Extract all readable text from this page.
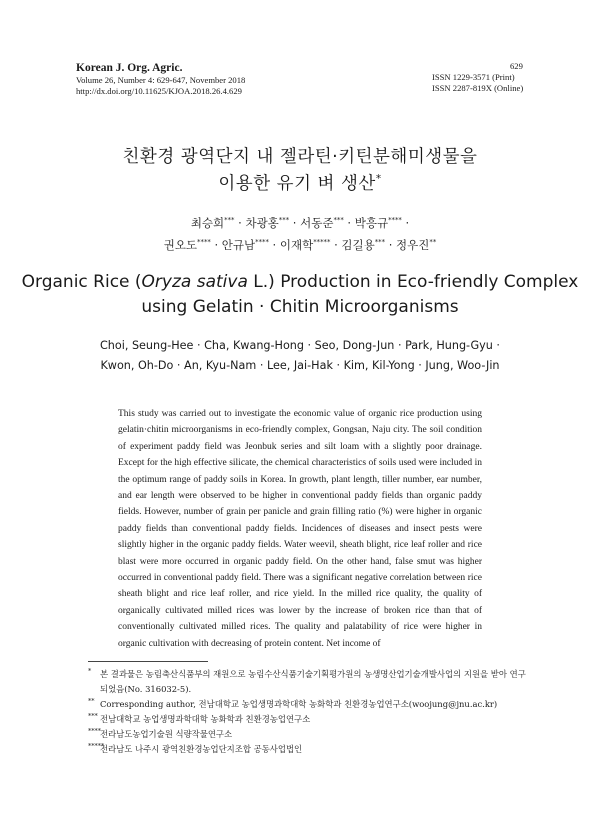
Korean J. Org. Agric.
Volume 26, Number 4: 629-647, November 2018
http://dx.doi.org/10.11625/KJOA.2018.26.4.629
629
ISSN 1229-3571 (Print)
ISSN 2287-819X (Online)
친환경 광역단지 내 젤라틴·키틴분해미생물을
이용한 유기 벼 생산*
최승희*** · 차광홍*** · 서동준*** · 박흥규**** ·
권오도**** · 안규남**** · 이재학***** · 김길용*** · 정우진**
Organic Rice (Oryza sativa L.) Production in Eco-friendly Complex
using Gelatin · Chitin Microorganisms
Choi, Seung-Hee · Cha, Kwang-Hong · Seo, Dong-Jun · Park, Hung-Gyu ·
Kwon, Oh-Do · An, Kyu-Nam · Lee, Jai-Hak · Kim, Kil-Yong · Jung, Woo-Jin
This study was carried out to investigate the economic value of organic rice production using gelatin·chitin microorganisms in eco-friendly complex, Gongsan, Naju city. The soil condition of experiment paddy field was Jeonbuk series and silt loam with a slightly poor drainage. Except for the high effective silicate, the chemical characteristics of soils used were included in the optimum range of paddy soils in Korea. In growth, plant length, tiller number, ear number, and ear length were observed to be higher in conventional paddy fields than organic paddy fields. However, number of grain per panicle and grain filling ratio (%) were higher in organic paddy fields than conventional paddy fields. Incidences of diseases and insect pests were slightly higher in the organic paddy fields. Water weevil, sheath blight, rice leaf roller and rice blast were more occurred in organic paddy field. On the other hand, false smut was higher occurred in conventional paddy field. There was a significant negative correlation between rice sheath blight and rice leaf roller, and rice yield. In the milled rice quality, the quality of organically cultivated milled rices was lower by the increase of broken rice than that of conventionally cultivated milled rices. The quality and palatability of rice were higher in organic cultivation with decreasing of protein content. Net income of
* 본 결과물은 농림축산식품부의 재원으로 농림수산식품기술기획평가원의 농생명산업기술개발사업의 지원을 받아 연구되었음(No. 316032-5).
** Corresponding author, 전남대학교 농업생명과학대학 농화학과 친환경농업연구소(woojung@jnu.ac.kr)
*** 전남대학교 농업생명과학대학 농화학과 친환경농업연구소
**** 전라남도농업기술원 식량작물연구소
*****
전라남도 나주시 광역친환경농업단지조합 공동사업법인
